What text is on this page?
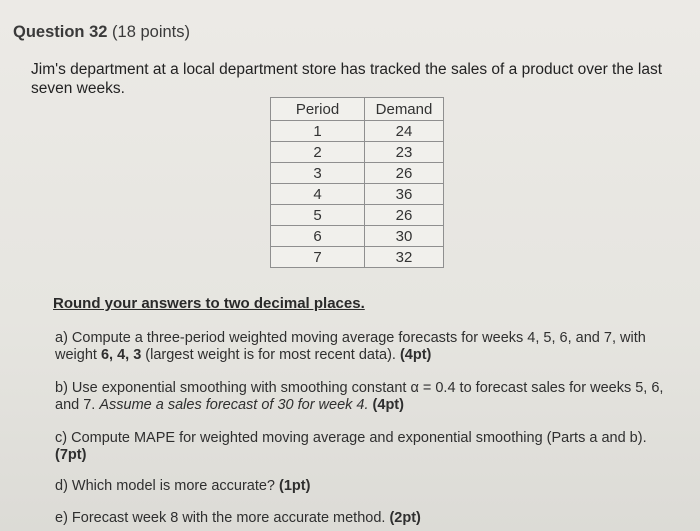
Question 32 (18 points)
Jim's department at a local department store has tracked the sales of a product over the last seven weeks.
Period	Demand
1	24
2	23
3	26
4	36
5	26
6	30
7	32
Round your answers to two decimal places.
a) Compute a three-period weighted moving average forecasts for weeks 4, 5, 6, and 7, with weight 6, 4, 3 (largest weight is for most recent data). (4pt)
b) Use exponential smoothing with smoothing constant α = 0.4 to forecast sales for weeks 5, 6, and 7. Assume a sales forecast of 30 for week 4. (4pt)
c) Compute MAPE for weighted moving average and exponential smoothing (Parts a and b). (7pt)
d) Which model is more accurate? (1pt)
e) Forecast week 8 with the more accurate method. (2pt)
